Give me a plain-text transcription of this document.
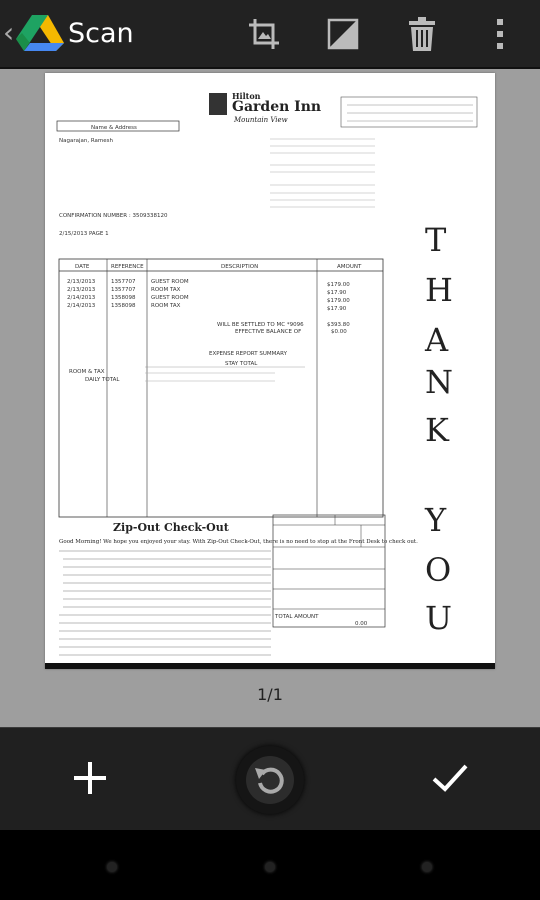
‹ Scan
Hilton
Garden Inn
Mountain View
Name & Address
Nagarajan, Ramesh
CONFIRMATION NUMBER : 3509338120
2/15/2013 PAGE 1
DATE	REFERENCE	DESCRIPTION	AMOUNT
2/13/2013	1357707	GUEST ROOM	$179.00
2/13/2013	1357707	ROOM TAX	$17.90
2/14/2013	1358098	GUEST ROOM	$179.00
2/14/2013	1358098	ROOM TAX	$17.90
WILL BE SETTLED TO MC *9096	$393.80
EFFECTIVE BALANCE OF	$0.00
EXPENSE REPORT SUMMARY
STAY TOTAL
ROOM & TAX
DAILY TOTAL
T
H
A
N
K
Y
O
U
Zip-Out Check-Out
Good Morning! We hope you enjoyed your stay. With Zip-Out Check-Out, there is no need to stop at the Front Desk to check out.
TOTAL AMOUNT
0.00
1/1
